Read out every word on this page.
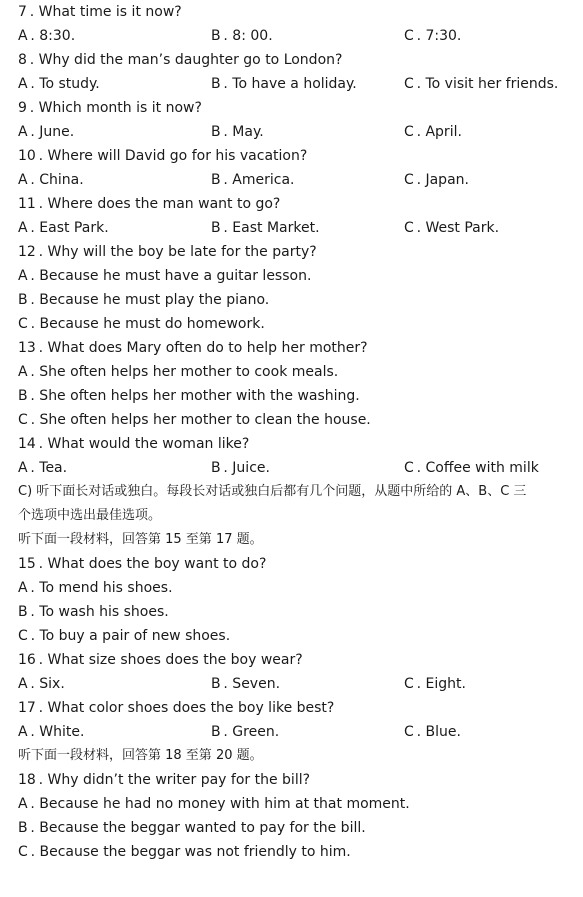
7 . What time is it now?
A . 8:30.	B . 8: 00.	C . 7:30.
8 . Why did the man’s daughter go to London?
A . To study.	B . To have a holiday.	C . To visit her friends.
9 . Which month is it now?
A . June.	B . May.	C . April.
10 . Where will David go for his vacation?
A . China.	B . America.	C . Japan.
11 . Where does the man want to go?
A . East Park.	B . East Market.	C . West Park.
12 . Why will the boy be late for the party?
A . Because he must have a guitar lesson.
B . Because he must play the piano.
C . Because he must do homework.
13 . What does Mary often do to help her mother?
A . She often helps her mother to cook meals.
B . She often helps her mother with the washing.
C . She often helps her mother to clean the house.
14 . What would the woman like?
A . Tea.	B . Juice.	C . Coffee with milk
C) 听下面长对话或独白。每段长对话或独白后都有几个问题，从题中所给的 A、B、C 三
个选项中选出最佳选项。
听下面一段材料，回答第 15 至第 17 题。
15 . What does the boy want to do?
A . To mend his shoes.
B . To wash his shoes.
C . To buy a pair of new shoes.
16 . What size shoes does the boy wear?
A . Six.	B . Seven.	C . Eight.
17 . What color shoes does the boy like best?
A . White.	B . Green.	C . Blue.
听下面一段材料，回答第 18 至第 20 题。
18 . Why didn’t the writer pay for the bill?
A . Because he had no money with him at that moment.
B . Because the beggar wanted to pay for the bill.
C . Because the beggar was not friendly to him.
